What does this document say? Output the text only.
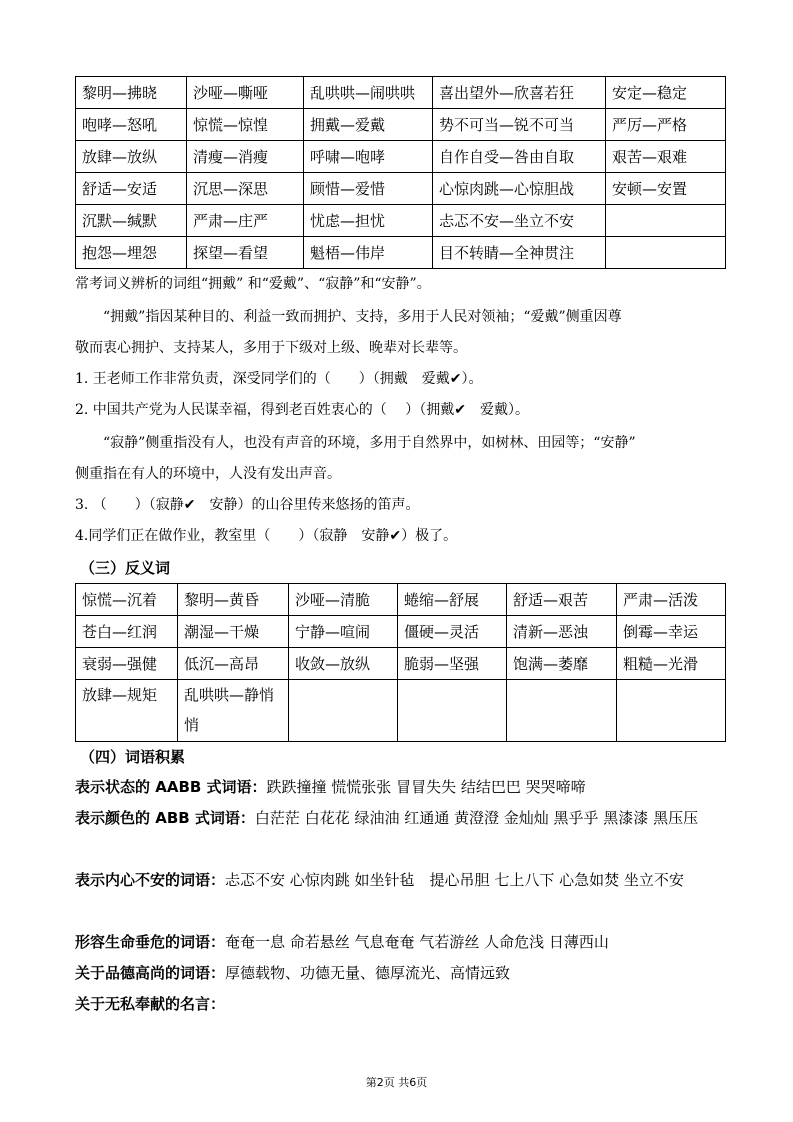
黎明—拂晓	沙哑—嘶哑	乱哄哄—闹哄哄	喜出望外—欣喜若狂	安定—稳定
咆哮—怒吼	惊慌—惊惶	拥戴—爱戴	势不可当—锐不可当	严厉—严格
放肆—放纵	清瘦—消瘦	呼啸—咆哮	自作自受—咎由自取	艰苦—艰难
舒适—安适	沉思—深思	顾惜—爱惜	心惊肉跳—心惊胆战	安顿—安置
沉默—缄默	严肃—庄严	忧虑—担忧	忐忑不安—坐立不安	
抱怨—埋怨	探望—看望	魁梧—伟岸	目不转睛—全神贯注	

常考词义辨析的词组“拥戴” 和“爱戴”、“寂静”和“安静”。

“拥戴”指因某种目的、利益一致而拥护、支持，多用于人民对领袖；“爱戴”侧重因尊

敬而衷心拥护、支持某人，多用于下级对上级、晚辈对长辈等。

1. 王老师工作非常负责，深受同学们的（　　）（拥戴　爱戴✔）。

2. 中国共产党为人民谋幸福，得到老百姓衷心的（　 ）（拥戴✔　爱戴）。

“寂静”侧重指没有人，也没有声音的环境，多用于自然界中，如树林、田园等；“安静”

侧重指在有人的环境中，人没有发出声音。

3. （　　）（寂静✔　安静）的山谷里传来悠扬的笛声。

4.同学们正在做作业，教室里（　　）（寂静　安静✔）极了。

（三）反义词

惊慌—沉着	黎明—黄昏	沙哑—清脆	蜷缩—舒展	舒适—艰苦	严肃—活泼
苍白—红润	潮湿—干燥	宁静—喧闹	僵硬—灵活	清新—恶浊	倒霉—幸运
衰弱—强健	低沉—高昂	收敛—放纵	脆弱—坚强	饱满—萎靡	粗糙—光滑
放肆—规矩	乱哄哄—静悄悄				

（四）词语积累

表示状态的 AABB 式词语：跌跌撞撞 慌慌张张 冒冒失失 结结巴巴 哭哭啼啼

表示颜色的 ABB 式词语：白茫茫 白花花 绿油油 红通通 黄澄澄 金灿灿 黑乎乎 黑漆漆 黑压压

表示内心不安的词语：忐忑不安 心惊肉跳 如坐针毡　提心吊胆 七上八下 心急如焚 坐立不安

形容生命垂危的词语：奄奄一息 命若悬丝 气息奄奄 气若游丝 人命危浅 日薄西山

关于品德高尚的词语：厚德载物、功德无量、德厚流光、高情远致

关于无私奉献的名言：

第2页 共6页
